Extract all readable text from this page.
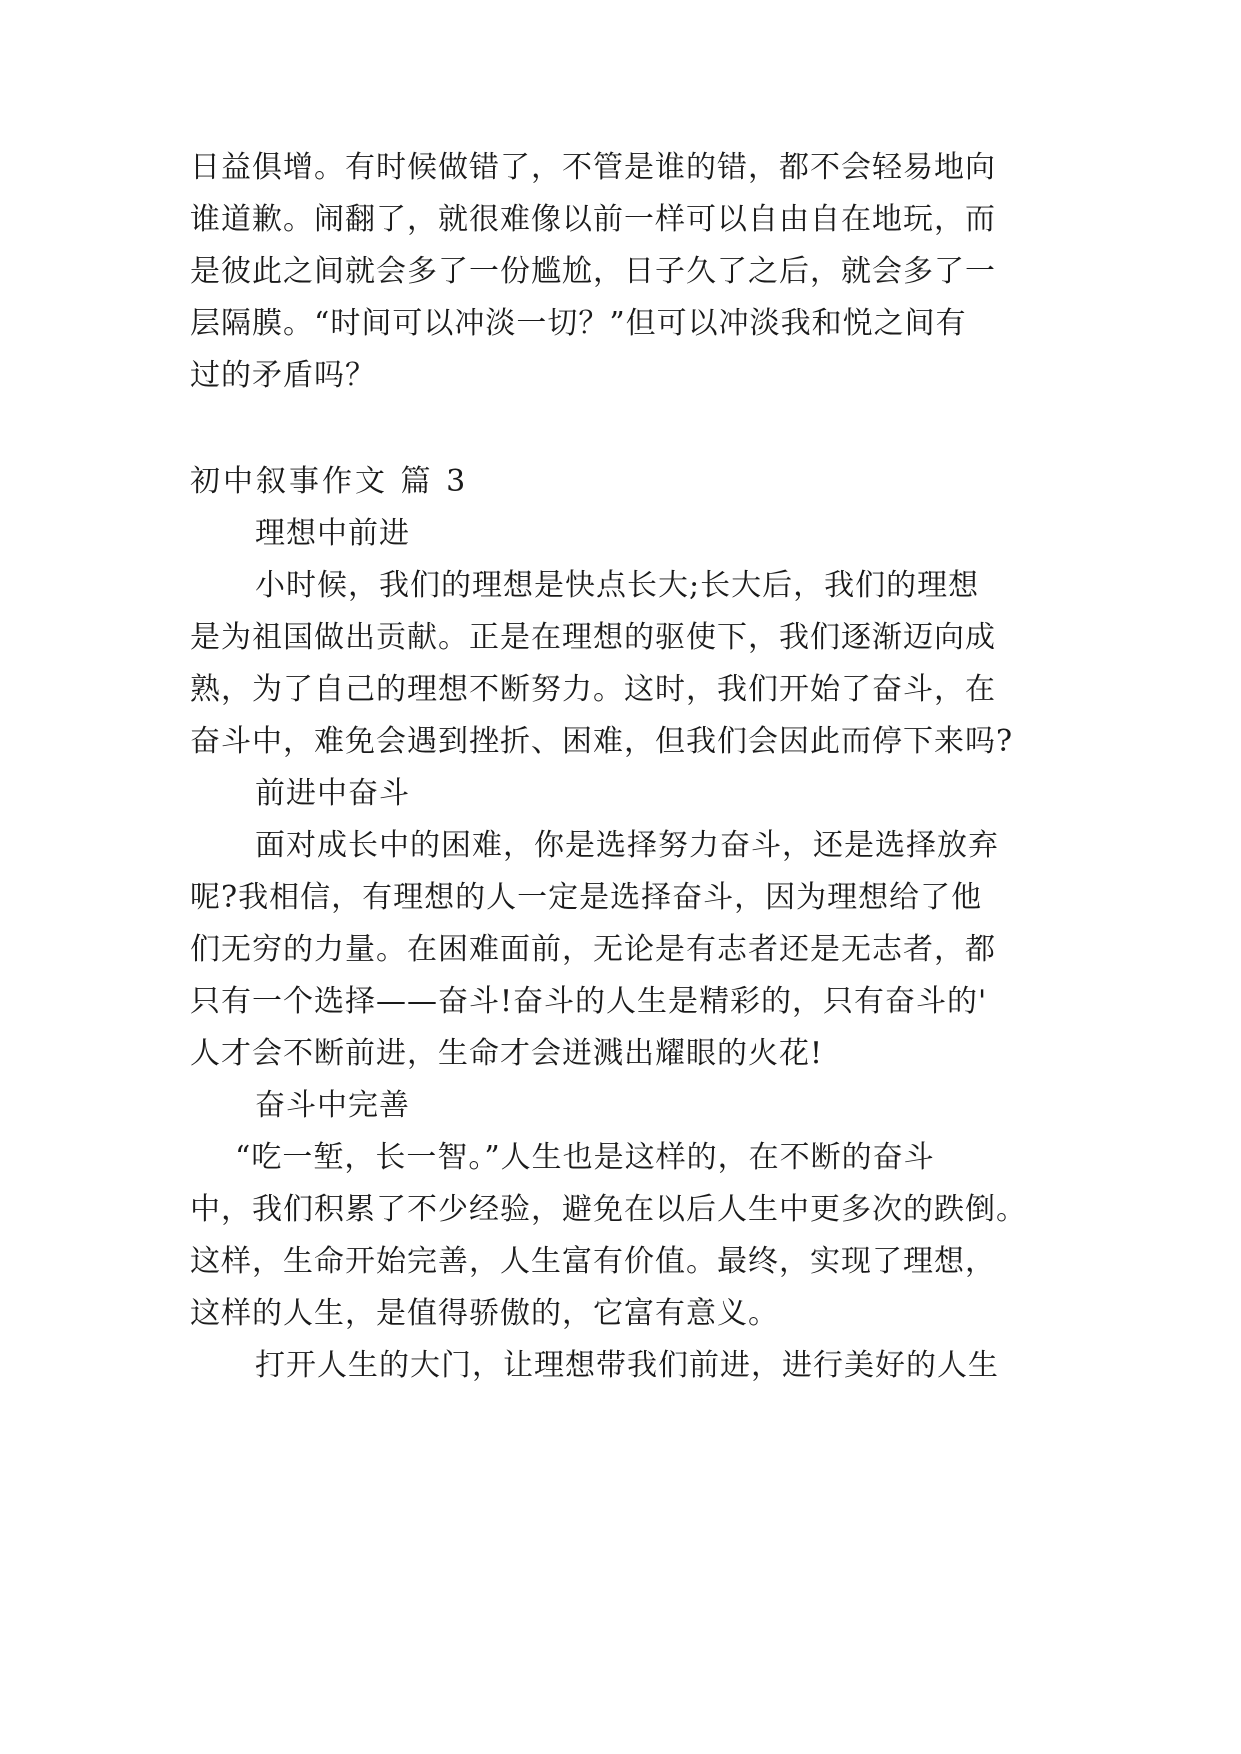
日益俱增。有时候做错了，不管是谁的错，都不会轻易地向
谁道歉。闹翻了，就很难像以前一样可以自由自在地玩，而
是彼此之间就会多了一份尴尬，日子久了之后，就会多了一
层隔膜。“时间可以冲淡一切？”但可以冲淡我和悦之间有
过的矛盾吗？
初中叙事作文 篇 3
理想中前进
小时候，我们的理想是快点长大;长大后，我们的理想
是为祖国做出贡献。正是在理想的驱使下，我们逐渐迈向成
熟，为了自己的理想不断努力。这时，我们开始了奋斗，在
奋斗中，难免会遇到挫折、困难，但我们会因此而停下来吗?
前进中奋斗
面对成长中的困难，你是选择努力奋斗，还是选择放弃
呢?我相信，有理想的人一定是选择奋斗，因为理想给了他
们无穷的力量。在困难面前，无论是有志者还是无志者，都
只有一个选择——奋斗!奋斗的人生是精彩的，只有奋斗的'
人才会不断前进，生命才会迸溅出耀眼的火花!
奋斗中完善
“吃一堑，长一智。”人生也是这样的，在不断的奋斗
中，我们积累了不少经验，避免在以后人生中更多次的跌倒。
这样，生命开始完善，人生富有价值。最终，实现了理想，
这样的人生，是值得骄傲的，它富有意义。
打开人生的大门，让理想带我们前进，进行美好的人生
